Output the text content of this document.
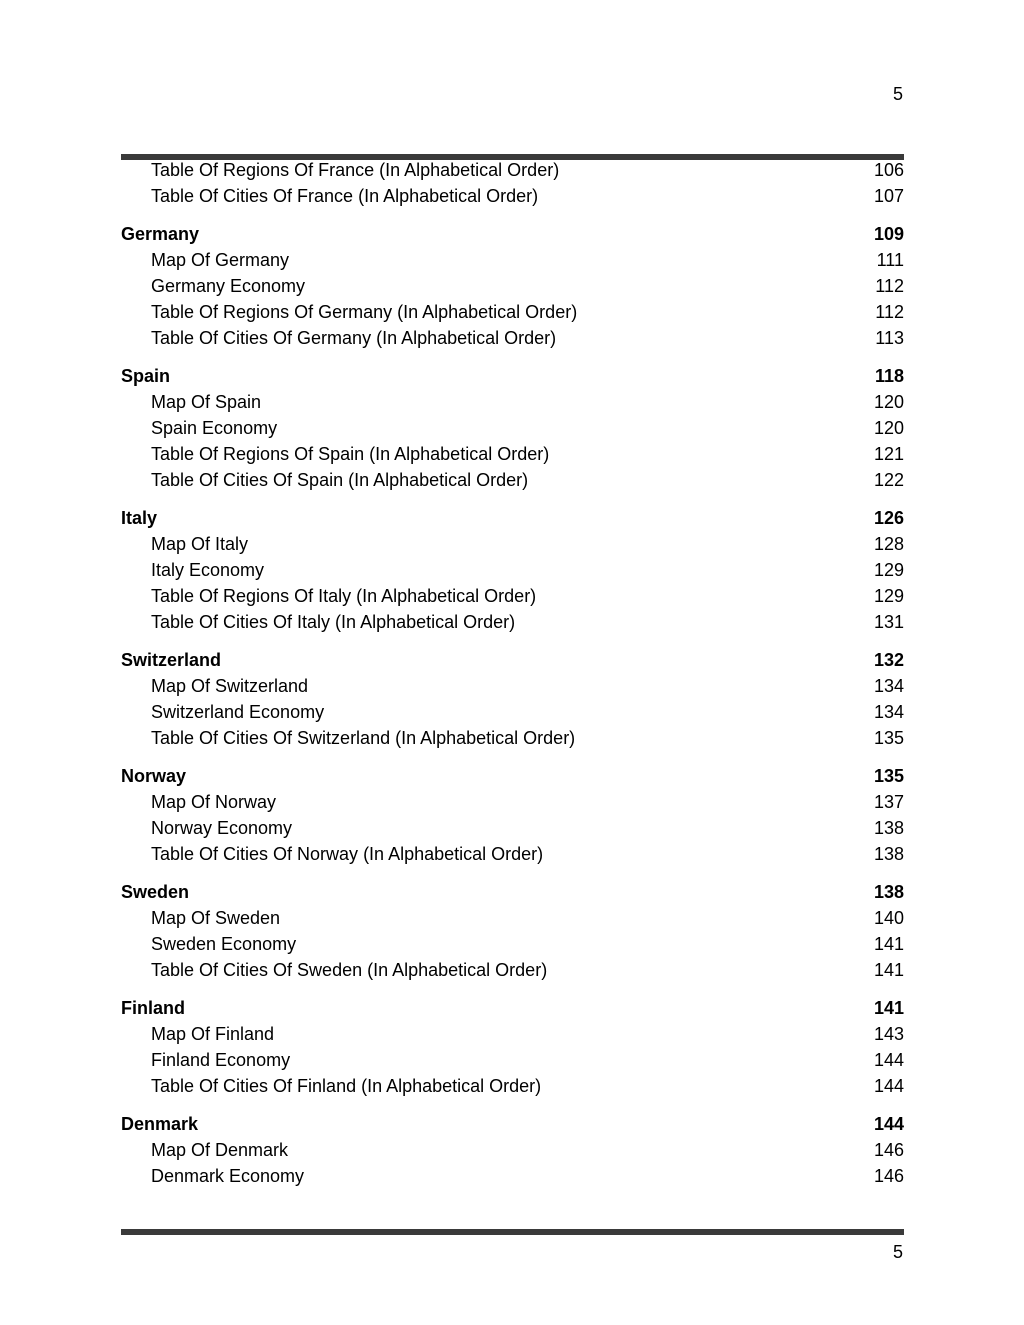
5
Table Of Regions Of France (In Alphabetical Order)	106
Table Of Cities Of France (In Alphabetical Order)	107
Germany	109
Map Of Germany	111
Germany Economy	112
Table Of Regions Of Germany (In Alphabetical Order)	112
Table Of Cities Of Germany (In Alphabetical Order)	113
Spain	118
Map Of Spain	120
Spain Economy	120
Table Of Regions Of Spain (In Alphabetical Order)	121
Table Of Cities Of Spain (In Alphabetical Order)	122
Italy	126
Map Of Italy	128
Italy Economy	129
Table Of Regions Of Italy (In Alphabetical Order)	129
Table Of Cities Of Italy (In Alphabetical Order)	131
Switzerland	132
Map Of Switzerland	134
Switzerland Economy	134
Table Of Cities Of Switzerland (In Alphabetical Order)	135
Norway	135
Map Of Norway	137
Norway Economy	138
Table Of Cities Of Norway (In Alphabetical Order)	138
Sweden	138
Map Of Sweden	140
Sweden Economy	141
Table Of Cities Of Sweden (In Alphabetical Order)	141
Finland	141
Map Of Finland	143
Finland Economy	144
Table Of Cities Of Finland (In Alphabetical Order)	144
Denmark	144
Map Of Denmark	146
Denmark Economy	146
5
